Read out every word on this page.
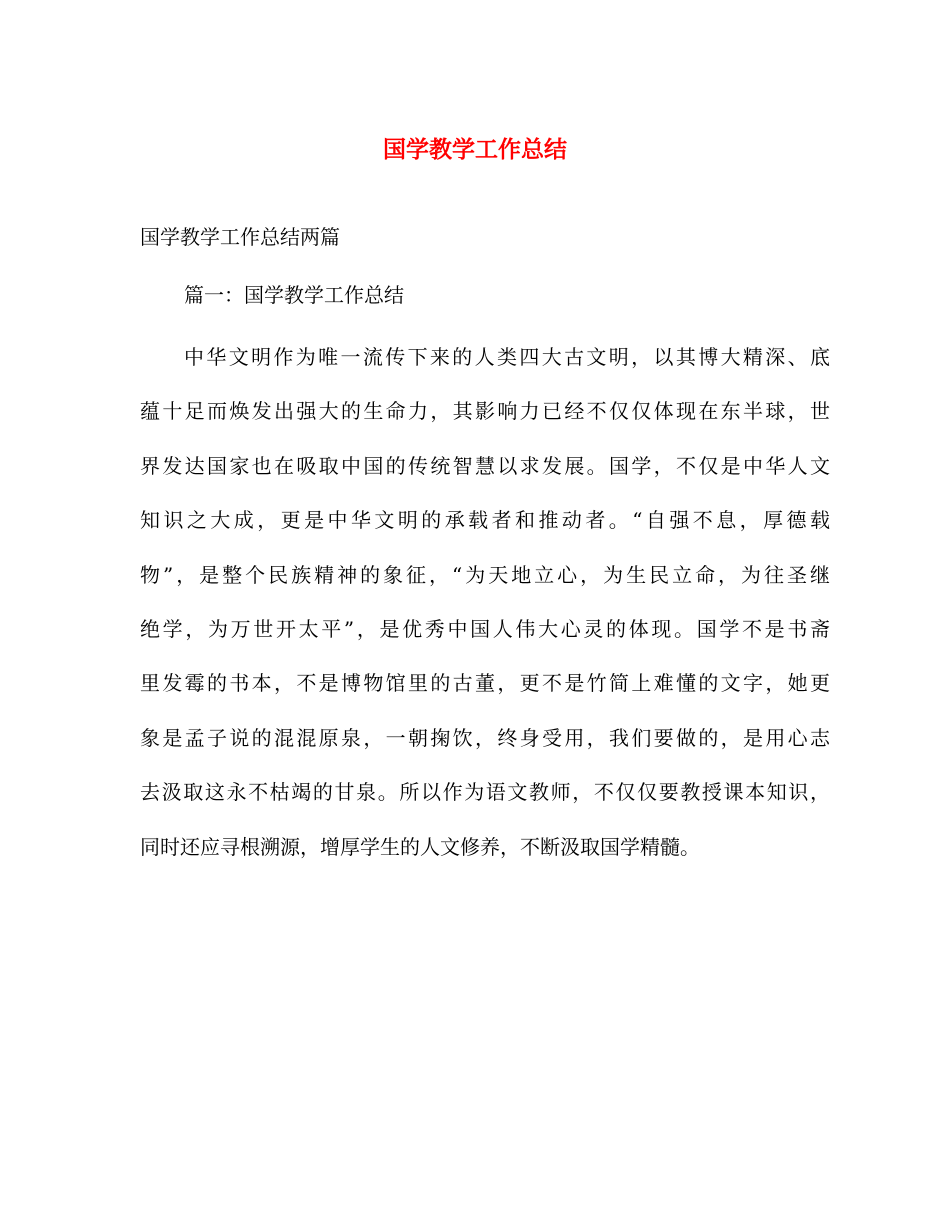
国学教学工作总结

国学教学工作总结两篇

篇一：国学教学工作总结

中华文明作为唯一流传下来的人类四大古文明，以其博大精深、底
蕴十足而焕发出强大的生命力，其影响力已经不仅仅体现在东半球，世
界发达国家也在吸取中国的传统智慧以求发展。国学，不仅是中华人文
知识之大成，更是中华文明的承载者和推动者。“自强不息，厚德载
物”，是整个民族精神的象征，“为天地立心，为生民立命，为往圣继
绝学，为万世开太平”，是优秀中国人伟大心灵的体现。国学不是书斋
里发霉的书本，不是博物馆里的古董，更不是竹简上难懂的文字，她更
象是孟子说的混混原泉，一朝掬饮，终身受用，我们要做的，是用心志
去汲取这永不枯竭的甘泉。所以作为语文教师，不仅仅要教授课本知识，
同时还应寻根溯源，增厚学生的人文修养，不断汲取国学精髓。
